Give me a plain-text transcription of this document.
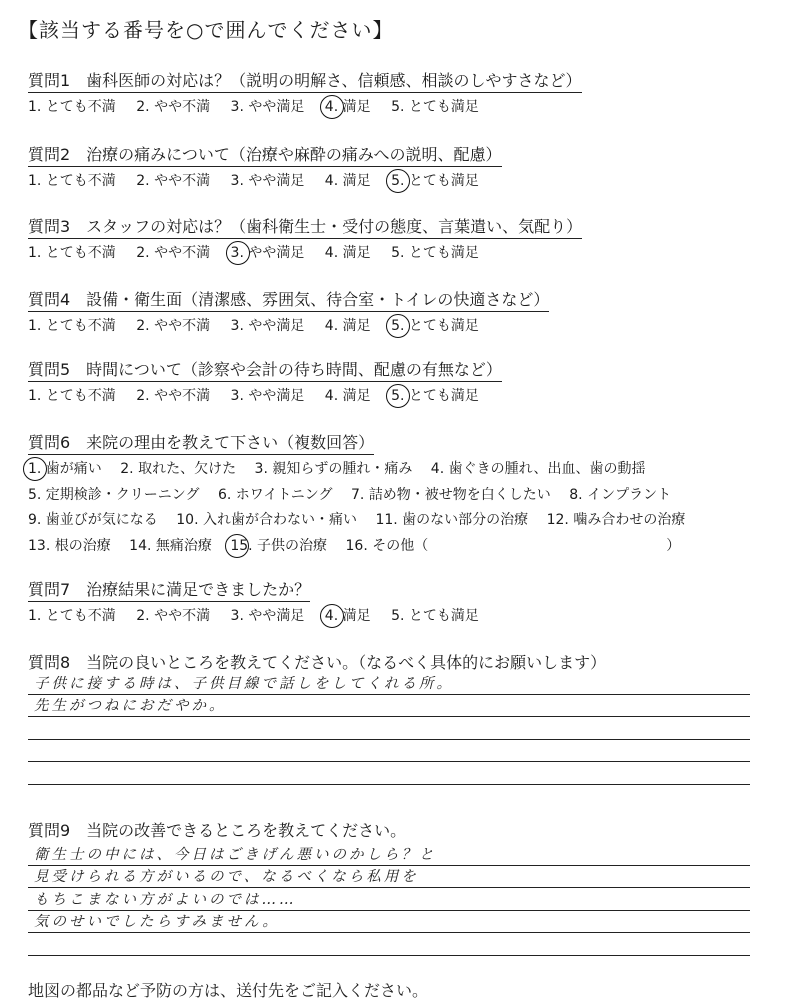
【該当する番号を○で囲んでください】
質問1　歯科医師の対応は？（説明の明解さ、信頼感、相談のしやすさなど）
1. とても不満 2. やや不満 3. やや満足 4. 満足 5. とても満足
質問2　治療の痛みについて（治療や麻酔の痛みへの説明、配慮）
1. とても不満 2. やや不満 3. やや満足 4. 満足 5. とても満足
質問3　スタッフの対応は？（歯科衛生士・受付の態度、言葉遣い、気配り）
1. とても不満 2. やや不満 3. やや満足 4. 満足 5. とても満足
質問4　設備・衛生面（清潔感、雰囲気、待合室・トイレの快適さなど）
1. とても不満 2. やや不満 3. やや満足 4. 満足 5. とても満足
質問5　時間について（診察や会計の待ち時間、配慮の有無など）
1. とても不満 2. やや不満 3. やや満足 4. 満足 5. とても満足
質問6　来院の理由を教えて下さい（複数回答）
1. 歯が痛い 2. 取れた、欠けた 3. 親知らずの腫れ・痛み 4. 歯ぐきの腫れ、出血、歯の動揺
5. 定期検診・クリーニング 6. ホワイトニング 7. 詰め物・被せ物を白くしたい 8. インプラント
9. 歯並びが気になる 10. 入れ歯が合わない・痛い 11. 歯のない部分の治療 12. 噛み合わせの治療
13. 根の治療 14. 無痛治療 15. 子供の治療 16. その他（　　　　　　　　　　　　　　　　　）
質問7　治療結果に満足できましたか？
1. とても不満 2. やや不満 3. やや満足 4. 満足 5. とても満足
質問8　当院の良いところを教えてください。（なるべく具体的にお願いします）
子供に接する時は、子供目線で話しをしてくれる所。
先生がつねにおだやか。
質問9　当院の改善できるところを教えてください。
衛生士の中には、今日はごきげん悪いのかしら？と
見受けられる方がいるので、なるべくなら私用を
もちこまない方がよいのでは……
気のせいでしたらすみません。
地図の都品など予防の方は、送付先をご記入ください。
